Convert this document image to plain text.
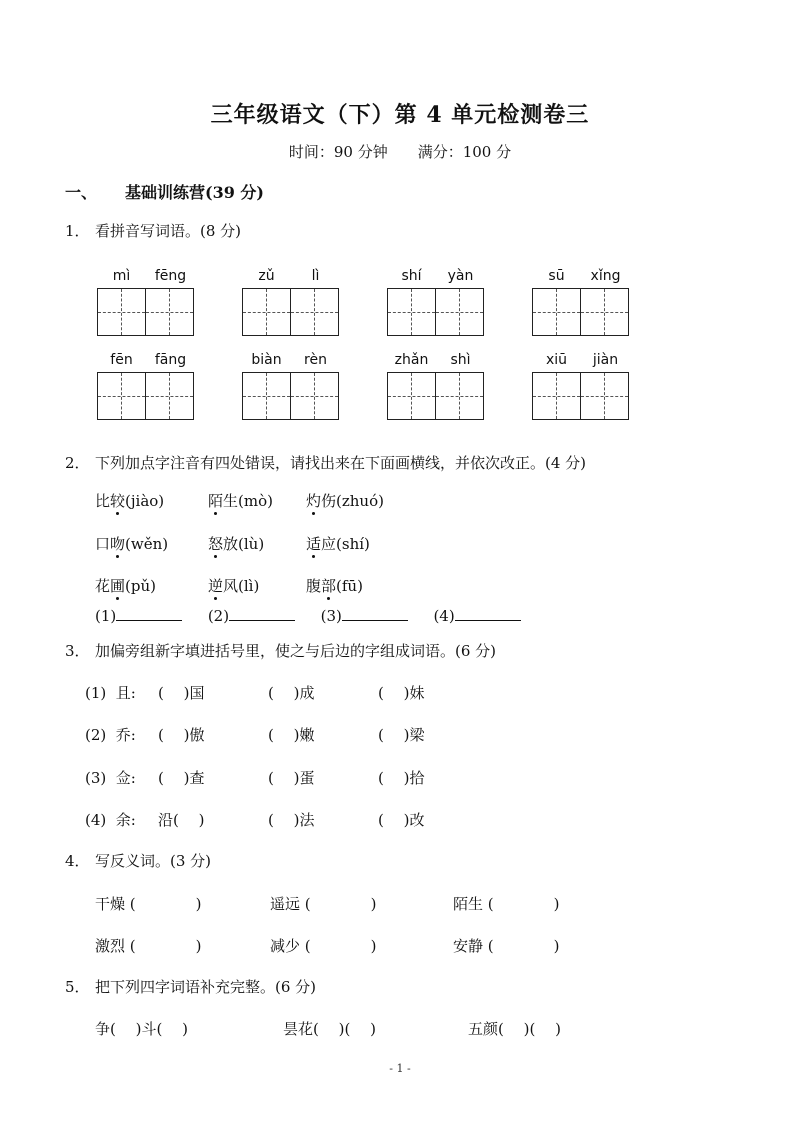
三年级语文（下）第 4 单元检测卷三
时间：90 分钟 满分：100 分
一、 基础训练营(39 分)
1． 看拼音写词语。(8 分)
mì	fēng	zǔ	lì	shí	yàn	sū	xǐng
fēn	fāng	biàn	rèn	zhǎn	shì	xiū	jiàn
2． 下列加点字注音有四处错误，请找出来在下面画横线，并依次改正。(4 分)
比较(jiào)	陌生(mò) 灼伤(zhuó)
口吻(wěn)	怒放(lù)	适应(shí)
花圃(pǔ)	逆风(lì)	腹部(fū)
(1)	(2)	(3)	(4)
3． 加偏旁组新字填进括号里，使之与后边的字组成词语。(6 分)
(1)  且: (　 )国	(　 )成	(　 )妹
(2)  乔: (　 )傲	(　 )嫩	(　 )梁
(3)  佥: (　 )查	(　 )蛋	(　 )拾
(4)  余: 沿(　 )	(　 )法	(　 )改
4． 写反义词。(3 分)
干燥 (　　　　)	遥远 (　　　　)	陌生 (　　　　)
激烈 (　　　　)	减少 (　　　　)	安静 (　　　　)
5． 把下列四字词语补充完整。(6 分)
争(　 )斗(　 )	昙花(　 )(　 )	五颜(　 )(　 )
- 1 -
